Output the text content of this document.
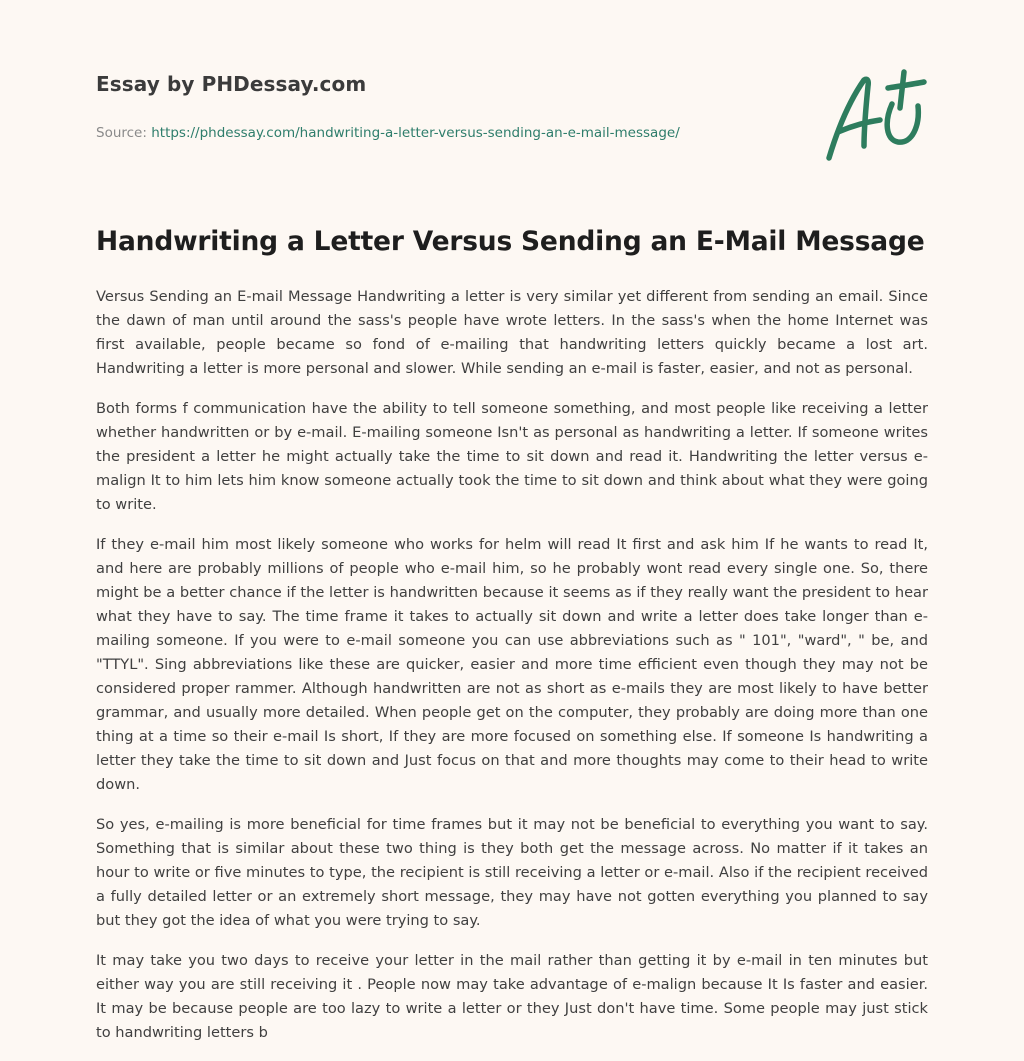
Essay by PHDessay.com

Source: https://phdessay.com/handwriting-a-letter-versus-sending-an-e-mail-message/
Handwriting a Letter Versus Sending an E-Mail Message

Versus Sending an E-mail Message Handwriting a letter is very similar yet different from sending an email. Since the dawn of man until around the sass's people have wrote letters. In the sass's when the home Internet was first available, people became so fond of e-mailing that handwriting letters quickly became a lost art. Handwriting a letter is more personal and slower. While sending an e-mail is faster, easier, and not as personal.

Both forms f communication have the ability to tell someone something, and most people like receiving a letter whether handwritten or by e-mail. E-mailing someone Isn't as personal as handwriting a letter. If someone writes the president a letter he might actually take the time to sit down and read it. Handwriting the letter versus e-malign It to him lets him know someone actually took the time to sit down and think about what they were going to write.

If they e-mail him most likely someone who works for helm will read It first and ask him If he wants to read It, and here are probably millions of people who e-mail him, so he probably wont read every single one. So, there might be a better chance if the letter is handwritten because it seems as if they really want the president to hear what they have to say. The time frame it takes to actually sit down and write a letter does take longer than e-mailing someone. If you were to e-mail someone you can use abbreviations such as " 101", "ward", " be, and "TTYL". Sing abbreviations like these are quicker, easier and more time efficient even though they may not be considered proper rammer. Although handwritten are not as short as e-mails they are most likely to have better grammar, and usually more detailed. When people get on the computer, they probably are doing more than one thing at a time so their e-mail Is short, If they are more focused on something else. If someone Is handwriting a letter they take the time to sit down and Just focus on that and more thoughts may come to their head to write down.

So yes, e-mailing is more beneficial for time frames but it may not be beneficial to everything you want to say. Something that is similar about these two thing is they both get the message across. No matter if it takes an hour to write or five minutes to type, the recipient is still receiving a letter or e-mail. Also if the recipient received a fully detailed letter or an extremely short message, they may have not gotten everything you planned to say but they got the idea of what you were trying to say.

It may take you two days to receive your letter in the mail rather than getting it by e-mail in ten minutes but either way you are still receiving it . People now may take advantage of e-malign because It Is faster and easier. It may be because people are too lazy to write a letter or they Just don't have time. Some people may just stick to handwriting letters b
